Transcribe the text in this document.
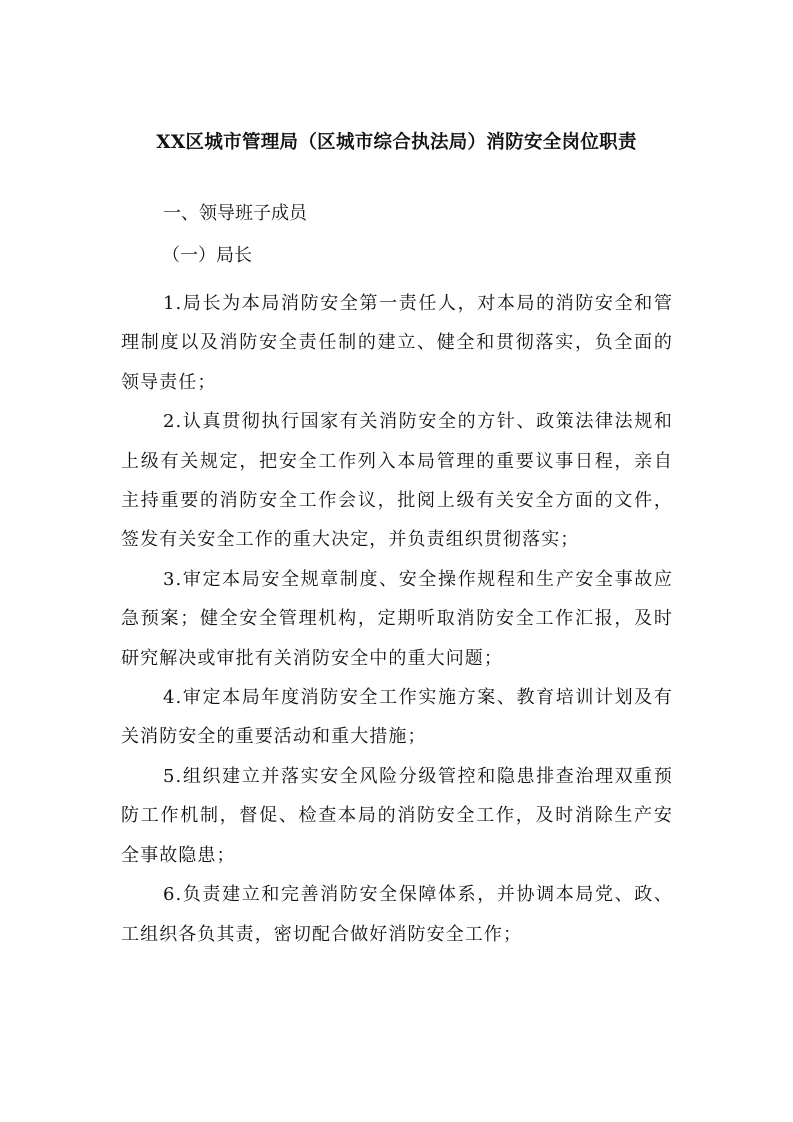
XX区城市管理局（区城市综合执法局）消防安全岗位职责
一、领导班子成员
（一）局长

1.局长为本局消防安全第一责任人，对本局的消防安全和管理制度以及消防安全责任制的建立、健全和贯彻落实，负全面的领导责任；

2.认真贯彻执行国家有关消防安全的方针、政策法律法规和上级有关规定，把安全工作列入本局管理的重要议事日程，亲自主持重要的消防安全工作会议，批阅上级有关安全方面的文件，签发有关安全工作的重大决定，并负责组织贯彻落实；

3.审定本局安全规章制度、安全操作规程和生产安全事故应急预案；健全安全管理机构，定期听取消防安全工作汇报，及时研究解决或审批有关消防安全中的重大问题；

4.审定本局年度消防安全工作实施方案、教育培训计划及有关消防安全的重要活动和重大措施；

5.组织建立并落实安全风险分级管控和隐患排查治理双重预防工作机制，督促、检查本局的消防安全工作，及时消除生产安全事故隐患；

6.负责建立和完善消防安全保障体系，并协调本局党、政、工组织各负其责，密切配合做好消防安全工作；
